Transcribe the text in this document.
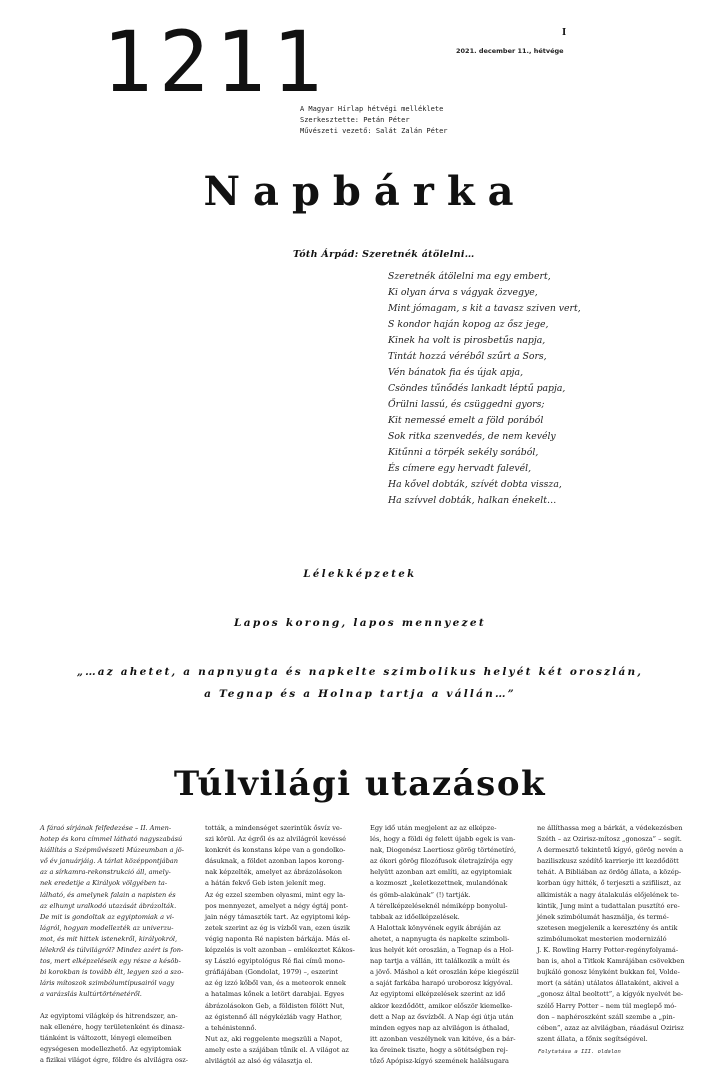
1211	2021. december 11., hétvége
I
A Magyar Hírlap hétvégi melléklete
Szerkesztette: Petán Péter
Művészeti vezető: Salát Zalán Péter
Napbárka
Tóth Árpád: Szeretnék átölelni…
Szeretnék átölelni ma egy embert,
Ki olyan árva s vágyak özvegye,
Mint jómagam, s kit a tavasz sziven vert,
S kondor haján kopog az ősz jege,
Kinek ha volt is pirosbetűs napja,
Tintát hozzá véréből szűrt a Sors,
Vén bánatok fia és újak apja,
Csöndes tűnődés lankadt léptű papja,
Őrülni lassú, és csüggedni gyors;
Kit nemessé emelt a föld porából
Sok ritka szenvedés, de nem kevély
Kitűnni a törpék sekély sorából,
És címere egy hervadt falevél,
Ha kővel dobták, szívét dobta vissza,
Ha szívvel dobták, halkan énekelt…
Lélekképzetek
Lapos korong, lapos mennyezet
„…az ahetet, a napnyugta és napkelte szimbolikus helyét két oroszlán,
a Tegnap és a Holnap tartja a vállán…”
Túlvilági utazások

A fáraó sírjának felfedezése – II. Amen-
hotep és kora címmel látható nagyszabású
kiállítás a Szépművészeti Múzeumban a jö-
vő év januárjáig. A tárlat középpontjában
az a sírkamra-rekonstrukció áll, amely-
nek eredetije a Királyok völgyében ta-
lálható, és amelynek falain a napisten és
az elhunyt uralkodó utazását ábrázolták.
De mit is gondoltak az egyiptomiak a vi-
lágról, hogyan modellezték az univerzu-
mot, és mit hittek istenekről, királyokról,
lélekről és túlvilágról? Mindez azért is fon-
tos, mert elképzeléseik egy része a késöb-
bi korokban is tovább élt, legyen szó a szo-
láris mítoszok szimbólumtípusairól vagy
a varázslás kultúrtörténetéről.

Az egyiptomi világkép és hitrendszer, an-
nak ellenére, hogy területenként és dinasz-
tiánként is változott, lényegi elemeiben
egységesen modellezhető. Az egyiptomiak
a fizikai világot égre, földre és alvilágra osz-

tották, a mindenséget szerintük ősvíz ve-
szi körül. Az égről és az alvilágról kevéssé
konkrét és konstans képe van a gondolko-
dásuknak, a földet azonban lapos korong-
nak képzelték, amelyet az ábrázolásokon
a hátán fekvő Geb isten jelenít meg.
Az ég ezzel szemben olyasmi, mint egy la-
pos mennyezet, amelyet a négy égtáj pont-
jain négy támaszték tart. Az egyiptomi kép-
zetek szerint az ég is vízből van, ezen úszik
végig naponta Ré napisten bárkája. Más el-
képzelés is volt azonban – emlékeztet Kákos-
sy László egyiptológus Ré fiai című mono-
gráfiájában (Gondolat, 1979) –, eszerint
az ég izzó kőből van, és a meteorok ennek
a hatalmas kőnek a letört darabjai. Egyes
ábrázolásokon Geb, a földisten fölött Nut,
az égistennő áll négykézláb vagy Hathor,
a tehénistennő.
Nut az, aki reggelente megszüli a Napot,
amely este a szájában tűnik el. A világot az
alvilágtól az alsó ég választja el.

Egy idő után megjelent az az elképze-
lés, hogy a földi ég felett újabb egek is van-
nak, Diogenész Laertiosz görög történetíró,
az ókori görög filozófusok életrajzírója egy
helyütt azonban azt említi, az egyiptomiak
a kozmoszt „keletkezettnek, mulandónak
és gömb-alakúnak” (!) tartják.
A térelképzeléseknél némiképp bonyolul-
tabbak az időelképzelések.
A Halottak könyvének egyik ábráján az
ahetet, a napnyugta és napkelte szimboli-
kus helyét két oroszlán, a Tegnap és a Hol-
nap tartja a vállán, itt találkozik a múlt és
a jövő. Máshol a két oroszlán képe kiegészül
a saját farkába harapó uroborosz kígyóval.
Az egyiptomi elképzelések szerint az idő
akkor kezdődött, amikor először kiemelke-
dett a Nap az ősvízből. A Nap égi útja után
minden egyes nap az alvilágon is áthalad,
itt azonban veszélynek van kitéve, és a bár-
ka őreinek tiszte, hogy a sötétségben rej-
tőző Apópisz-kígyó szemének halálsugara

ne állíthassa meg a bárkát, a védekezésben
Széth – az Ozirisz-mítosz „gonosza” – segít.
A dermesztő tekintetű kígyó, görög nevén a
baziliszkusz szédítő karrierje itt kezdődött
tehát. A Bibliában az ördög állata, a közép-
korban úgy hitték, ő terjeszti a szifiliszt, az
alkimisták a nagy átalakulás előjelének te-
kintik, Jung mint a tudattalan pusztító ere-
jének szimbólumát használja, és termé-
szetesen megjelenik a keresztény és antik
szimbólumokat mesterien modernizáló
J. K. Rowling Harry Potter-regényfolyamá-
ban is, ahol a Titkok Kamrájában csövekben
bujkáló gonosz lényként bukkan fel, Volde-
mort (a sátán) utálatos állataként, akivel a
„gonosz által beoltott”, a kígyók nyelvét be-
szélő Harry Potter – nem túl meglepő mó-
don – naphéroszként száll szembe a „pin-
cében”, azaz az alvilágban, ráadásul Ozirisz
szent állata, a főnix segítségével.

Folytatása a III. oldalon
